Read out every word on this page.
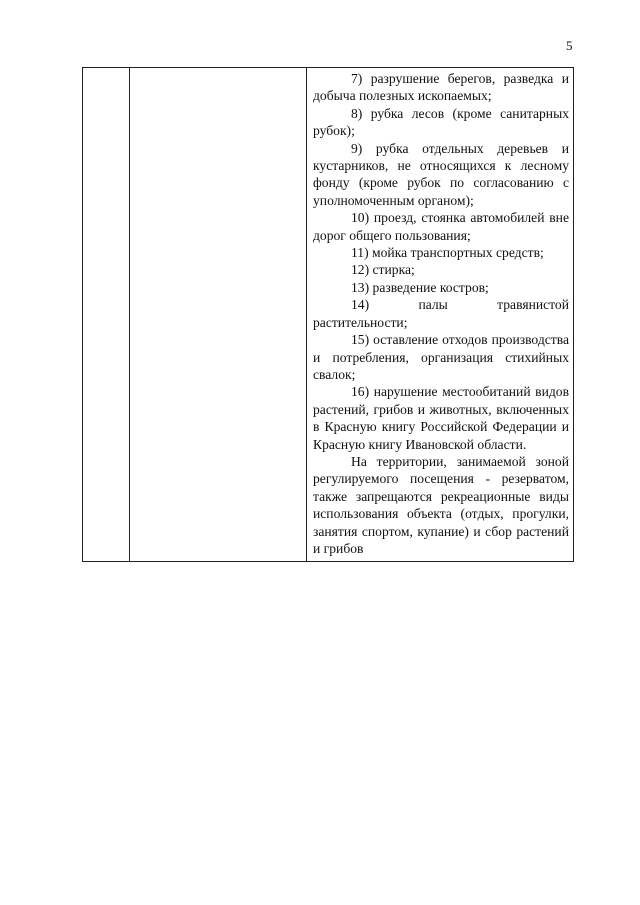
5

7) разрушение берегов, разведка и добыча полезных ископаемых;

8) рубка лесов (кроме санитарных рубок);

9) рубка отдельных деревьев и кустарников, не относящихся к лесному фонду (кроме рубок по согласованию с уполномоченным органом);

10) проезд, стоянка автомобилей вне дорог общего пользования;

11) мойка транспортных средств;

12) стирка;

13) разведение костров;

14) палы травянистой растительности;

15) оставление отходов производства и потребления, организация стихийных свалок;

16) нарушение местообитаний видов растений, грибов и животных, включенных в Красную книгу Российской Федерации и Красную книгу Ивановской области.

На территории, занимаемой зоной регулируемого посещения - резерватом, также запрещаются рекреационные виды использования объекта (отдых, прогулки, занятия спортом, купание) и сбор растений и грибов
